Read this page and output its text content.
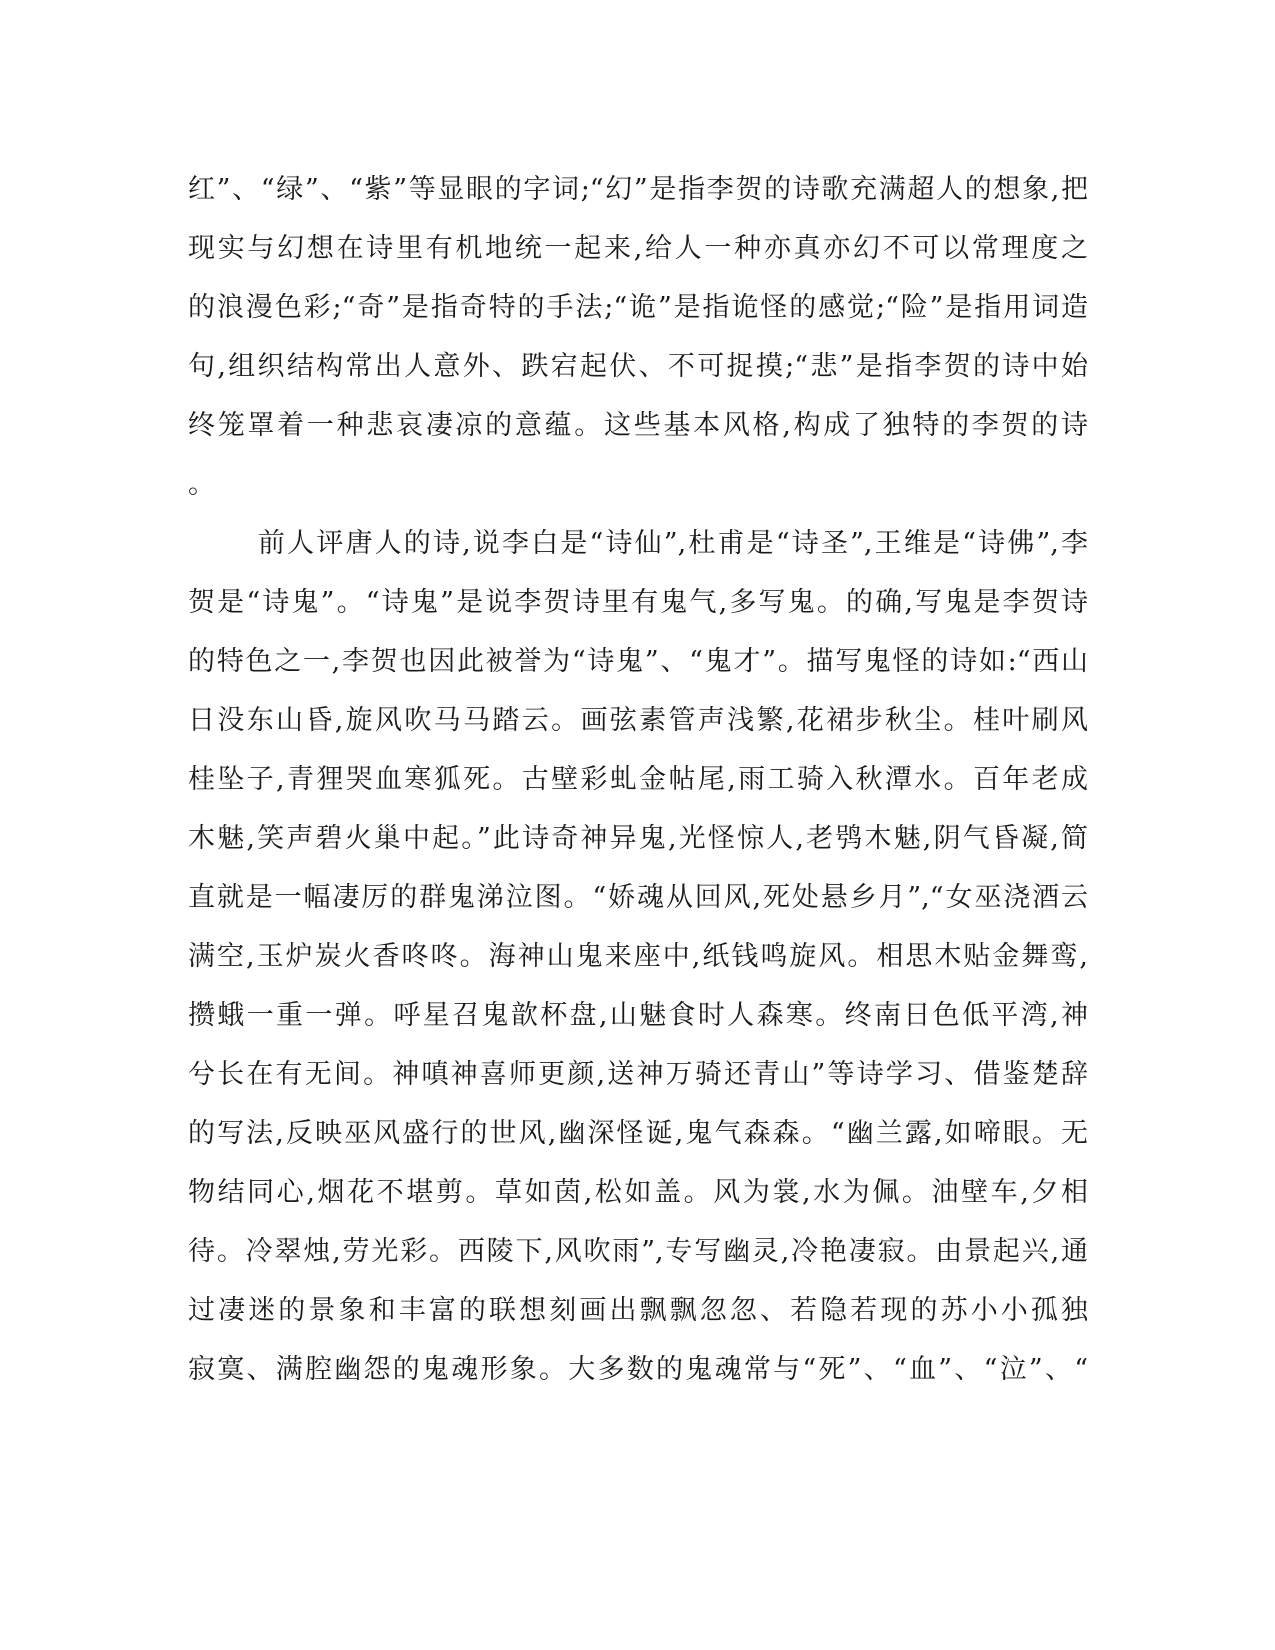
红”、“绿”、“紫”等显眼的字词;“幻”是指李贺的诗歌充满超人的想象,把
现实与幻想在诗里有机地统一起来,给人一种亦真亦幻不可以常理度之
的浪漫色彩;“奇”是指奇特的手法;“诡”是指诡怪的感觉;“险”是指用词造
句,组织结构常出人意外、跌宕起伏、不可捉摸;“悲”是指李贺的诗中始
终笼罩着一种悲哀凄凉的意蕴。这些基本风格,构成了独特的李贺的诗
。
前人评唐人的诗,说李白是“诗仙”,杜甫是“诗圣”,王维是“诗佛”,李
贺是“诗鬼”。“诗鬼”是说李贺诗里有鬼气,多写鬼。的确,写鬼是李贺诗
的特色之一,李贺也因此被誉为“诗鬼”、“鬼才”。描写鬼怪的诗如:“西山
日没东山昏,旋风吹马马踏云。画弦素管声浅繁,花裙步秋尘。桂叶刷风
桂坠子,青狸哭血寒狐死。古壁彩虬金帖尾,雨工骑入秋潭水。百年老成
木魅,笑声碧火巢中起。”此诗奇神异鬼,光怪惊人,老鸮木魅,阴气昏凝,简
直就是一幅凄厉的群鬼涕泣图。“娇魂从回风,死处悬乡月”,“女巫浇酒云
满空,玉炉炭火香咚咚。海神山鬼来座中,纸钱鸣旋风。相思木贴金舞鸾,
攒蛾一重一弹。呼星召鬼歆杯盘,山魅食时人森寒。终南日色低平湾,神
兮长在有无间。神嗔神喜师更颜,送神万骑还青山”等诗学习、借鉴楚辞
的写法,反映巫风盛行的世风,幽深怪诞,鬼气森森。“幽兰露,如啼眼。无
物结同心,烟花不堪剪。草如茵,松如盖。风为裳,水为佩。油壁车,夕相
待。冷翠烛,劳光彩。西陵下,风吹雨”,专写幽灵,冷艳凄寂。由景起兴,通
过凄迷的景象和丰富的联想刻画出飘飘忽忽、若隐若现的苏小小孤独
寂寞、满腔幽怨的鬼魂形象。大多数的鬼魂常与“死”、“血”、“泣”、“
